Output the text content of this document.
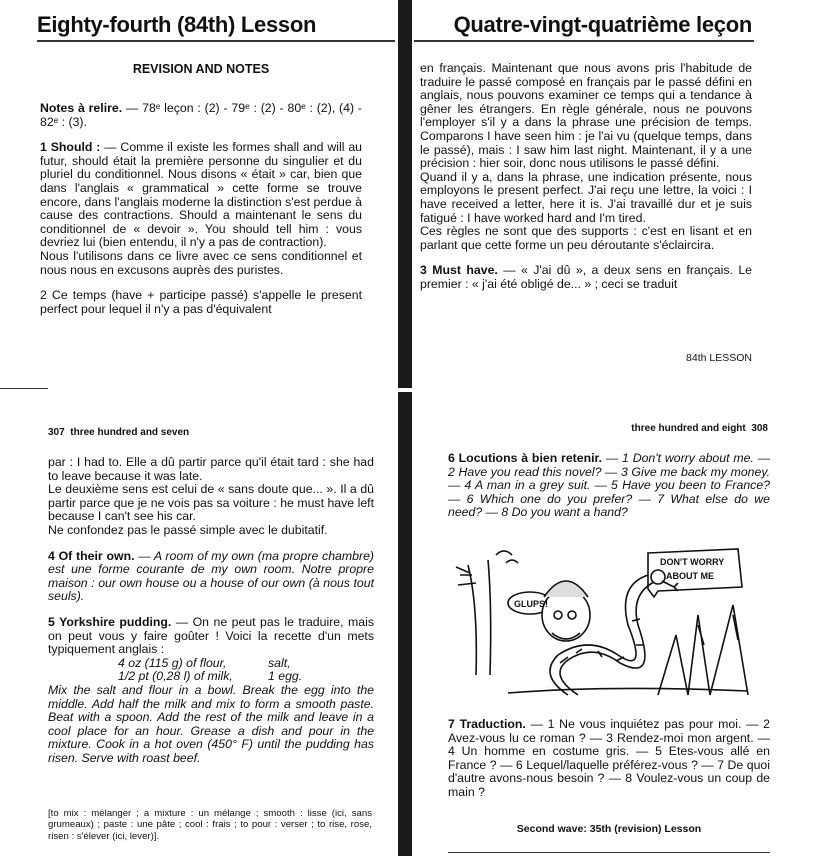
Eighty-fourth (84th) Lesson
REVISION AND NOTES

Notes à relire. — 78ᵉ leçon : (2) - 79ᵉ : (2) - 80ᵉ : (2), (4) - 82ᵉ : (3).

1 Should : — Comme il existe les formes shall and will au futur, should était la première personne du singulier et du pluriel du conditionnel. Nous disons « était » car, bien que dans l'anglais « grammatical » cette forme se trouve encore, dans l'anglais moderne la distinction s'est perdue à cause des contractions. Should a maintenant le sens du conditionnel de « devoir ». You should tell him : vous devriez lui (bien entendu, il n'y a pas de contraction).

Nous l'utilisons dans ce livre avec ce sens conditionnel et nous nous en excusons auprès des puristes.

2 Ce temps (have + participe passé) s'appelle le present perfect pour lequel il n'y a pas d'équivalent

Quatre-vingt-quatrième leçon

en français. Maintenant que nous avons pris l'habitude de traduire le passé composé en français par le passé défini en anglais, nous pouvons examiner ce temps qui a tendance à gêner les étrangers. En règle générale, nous ne pouvons l'employer s'il y a dans la phrase une précision de temps. Comparons I have seen him : je l'ai vu (quelque temps, dans le passé), mais : I saw him last night. Maintenant, il y a une précision : hier soir, donc nous utilisons le passé défini.

Quand il y a, dans la phrase, une indication présente, nous employons le present perfect. J'ai reçu une lettre, la voici : I have received a letter, here it is. J'ai travaillé dur et je suis fatigué : I have worked hard and I'm tired.

Ces règles ne sont que des supports : c'est en lisant et en parlant que cette forme un peu déroutante s'éclaircira.

3 Must have. — « J'ai dû », a deux sens en français. Le premier : « j'ai été obligé de... » ; ceci se traduit

84th LESSON
307 three hundred and seven

par : I had to. Elle a dû partir parce qu'il était tard : she had to leave because it was late.

Le deuxième sens est celui de « sans doute que... ». Il a dû partir parce que je ne vois pas sa voiture : he must have left because I can't see his car.

Ne confondez pas le passé simple avec le dubitatif.

4 Of their own. — A room of my own (ma propre chambre) est une forme courante de my own room. Notre propre maison : our own house ou a house of our own (à nous tout seuls).

5 Yorkshire pudding. — On ne peut pas le traduire, mais on peut vous y faire goûter ! Voici la recette d'un mets typiquement anglais :

4 oz (115 g) of flour,	salt,

1/2 pt (0,28 l) of milk,	1 egg.

Mix the salt and flour in a bowl. Break the egg into the middle. Add half the milk and mix to form a smooth paste. Beat with a spoon. Add the rest of the milk and leave in a cool place for an hour. Grease a dish and pour in the mixture. Cook in a hot oven (450° F) until the pudding has risen. Serve with roast beef.

[to mix : mélanger ; a mixture : un mélange ; smooth : lisse (ici, sans grumeaux) ; paste : une pâte ; cool : frais ; to pour : verser ; to rise, rose, risen : s'élever (ici, lever)].
three hundred and eight 308
6 Locutions à bien retenir. — 1 Don't worry about me. — 2 Have you read this novel? — 3 Give me back my money. — 4 A man in a grey suit. — 5 Have you been to France? — 6 Which one do you prefer? — 7 What else do we need? — 8 Do you want a hand?
DON'T WORRY
ABOUT ME
GLUPS!
7 Traduction. — 1 Ne vous inquiétez pas pour moi. — 2 Avez-vous lu ce roman ? — 3 Rendez-moi mon argent. — 4 Un homme en costume gris. — 5 Etes-vous allé en France ? — 6 Lequel/laquelle préférez-vous ? — 7 De quoi d'autre avons-nous besoin ? — 8 Voulez-vous un coup de main ?
Second wave: 35th (revision) Lesson
